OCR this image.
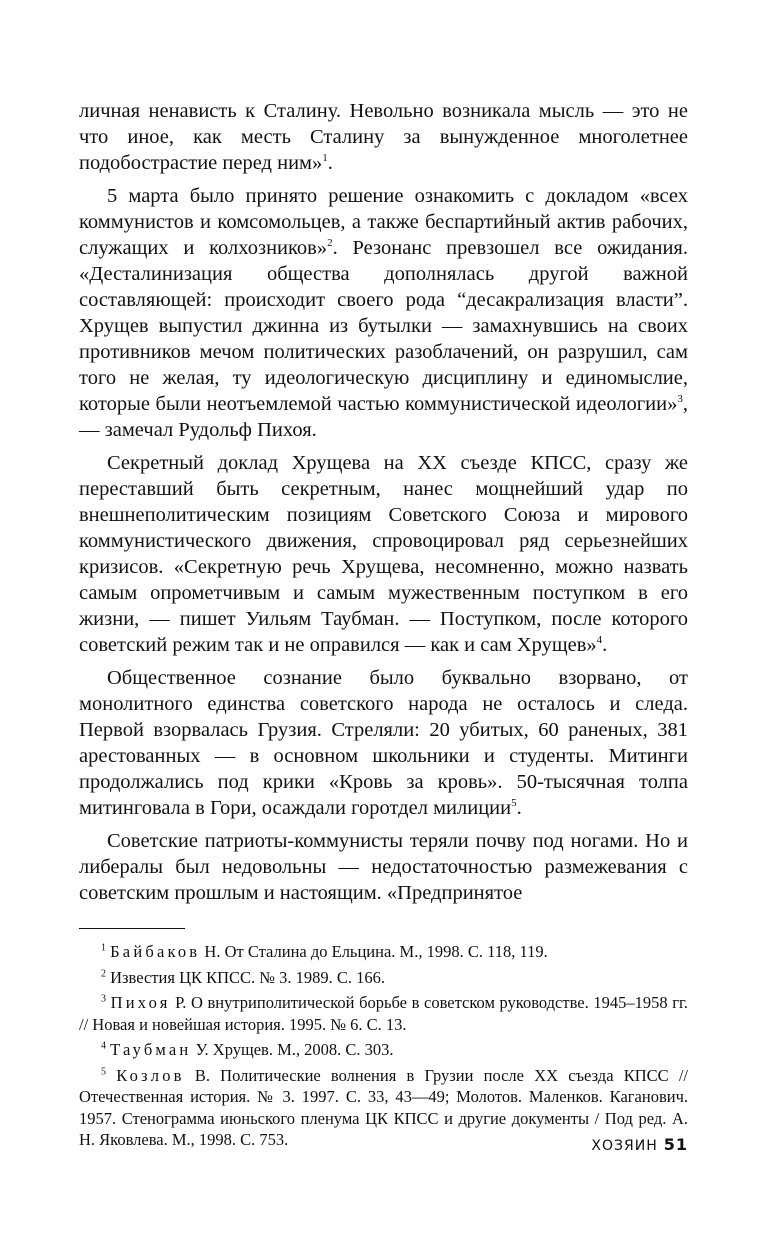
личная ненависть к Сталину. Невольно возникала мысль — это не что иное, как месть Сталину за вынужденное многолетнее подобострастие перед ним»$^1$.

5 марта было принято решение ознакомить с докладом «всех коммунистов и комсомольцев, а также беспартийный актив рабочих, служащих и колхозников»$^2$. Резонанс превзошел все ожидания. «Десталинизация общества дополнялась другой важной составляющей: происходит своего рода “десакрализация власти”. Хрущев выпустил джинна из бутылки — замахнувшись на своих противников мечом политических разоблачений, он разрушил, сам того не желая, ту идеологическую дисциплину и единомыслие, которые были неотъемлемой частью коммунистической идеологии»$^3$, — замечал Рудольф Пихоя.

Секретный доклад Хрущева на XX съезде КПСС, сразу же переставший быть секретным, нанес мощнейший удар по внешнеполитическим позициям Советского Союза и мирового коммунистического движения, спровоцировал ряд серьезнейших кризисов. «Секретную речь Хрущева, несомненно, можно назвать самым опрометчивым и самым мужественным поступком в его жизни, — пишет Уильям Таубман. — Поступком, после которого советский режим так и не оправился — как и сам Хрущев»$^4$.

Общественное сознание было буквально взорвано, от монолитного единства советского народа не осталось и следа. Первой взорвалась Грузия. Стреляли: 20 убитых, 60 раненых, 381 арестованных — в основном школьники и студенты. Митинги продолжались под крики «Кровь за кровь». 50-тысячная толпа митинговала в Гори, осаждали горотдел милиции$^5$.

Советские патриоты-коммунисты теряли почву под ногами. Но и либералы был недовольны — недостаточностью размежевания с советским прошлым и настоящим. «Предпринятое

$^1$ Байбаков Н. От Сталина до Ельцина. М., 1998. С. 118, 119.

$^2$ Известия ЦК КПСС. № 3. 1989. С. 166.

$^3$ Пихоя Р. О внутриполитической борьбе в советском руководстве. 1945–1958 гг. // Новая и новейшая история. 1995. № 6. С. 13.

$^4$ Таубман У. Хрущев. М., 2008. С. 303.

$^5$ Козлов В. Политические волнения в Грузии после XX съезда КПСС // Отечественная история. № 3. 1997. С. 33, 43—49; Молотов. Маленков. Каганович. 1957. Стенограмма июньского пленума ЦК КПСС и другие документы / Под ред. А. Н. Яковлева. М., 1998. С. 753.	ХОЗЯИН 51
